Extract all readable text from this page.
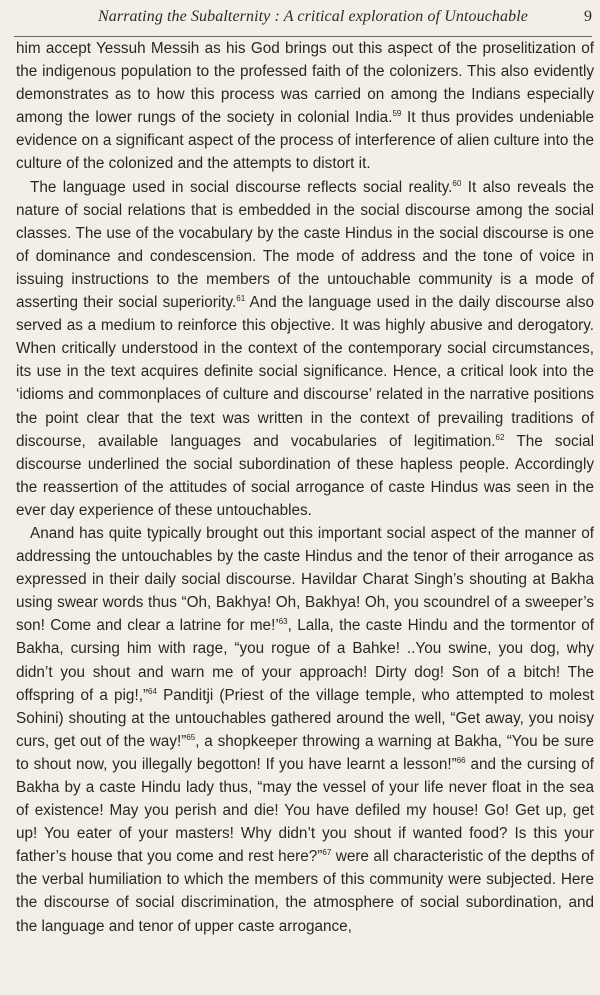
Narrating the Subalternity : A critical exploration of Untouchable	9

him accept Yessuh Messih as his God brings out this aspect of the proselitization of the indigenous population to the professed faith of the colonizers. This also evidently demonstrates as to how this process was carried on among the Indians especially among the lower rungs of the society in colonial India.$^{59}$ It thus provides undeniable evidence on a significant aspect of the process of interference of alien culture into the culture of the colonized and the attempts to distort it.

The language used in social discourse reflects social reality.$^{60}$ It also reveals the nature of social relations that is embedded in the social discourse among the social classes. The use of the vocabulary by the caste Hindus in the social discourse is one of dominance and condescension. The mode of address and the tone of voice in issuing instructions to the members of the untouchable community is a mode of asserting their social superiority.$^{61}$ And the language used in the daily discourse also served as a medium to reinforce this objective. It was highly abusive and derogatory. When critically understood in the context of the contemporary social circumstances, its use in the text acquires definite social significance. Hence, a critical look into the ‘idioms and commonplaces of culture and discourse’ related in the narrative positions the point clear that the text was written in the context of prevailing traditions of discourse, available languages and vocabularies of legitimation.$^{62}$ The social discourse underlined the social subordination of these hapless people. Accordingly the reassertion of the attitudes of social arrogance of caste Hindus was seen in the ever day experience of these untouchables.

Anand has quite typically brought out this important social aspect of the manner of addressing the untouchables by the caste Hindus and the tenor of their arrogance as expressed in their daily social discourse. Havildar Charat Singh’s shouting at Bakha using swear words thus “Oh, Bakhya! Oh, Bakhya! Oh, you scoundrel of a sweeper’s son! Come and clear a latrine for me!’$^{63}$, Lalla, the caste Hindu and the tormentor of Bakha, cursing him with rage, “you rogue of a Bahke! ..You swine, you dog, why didn’t you shout and warn me of your approach! Dirty dog! Son of a bitch! The offspring of a pig!,”$^{64}$ Panditji (Priest of the village temple, who attempted to molest Sohini) shouting at the untouchables gathered around the well, “Get away, you noisy curs, get out of the way!”$^{65}$, a shopkeeper throwing a warning at Bakha, “You be sure to shout now, you illegally begotton! If you have learnt a lesson!”$^{66}$ and the cursing of Bakha by a caste Hindu lady thus, “may the vessel of your life never float in the sea of existence! May you perish and die! You have defiled my house! Go! Get up, get up! You eater of your masters! Why didn’t you shout if wanted food? Is this your father’s house that you come and rest here?”$^{67}$ were all characteristic of the depths of the verbal humiliation to which the members of this community were subjected. Here the discourse of social discrimination, the atmosphere of social subordination, and the language and tenor of upper caste arrogance,
